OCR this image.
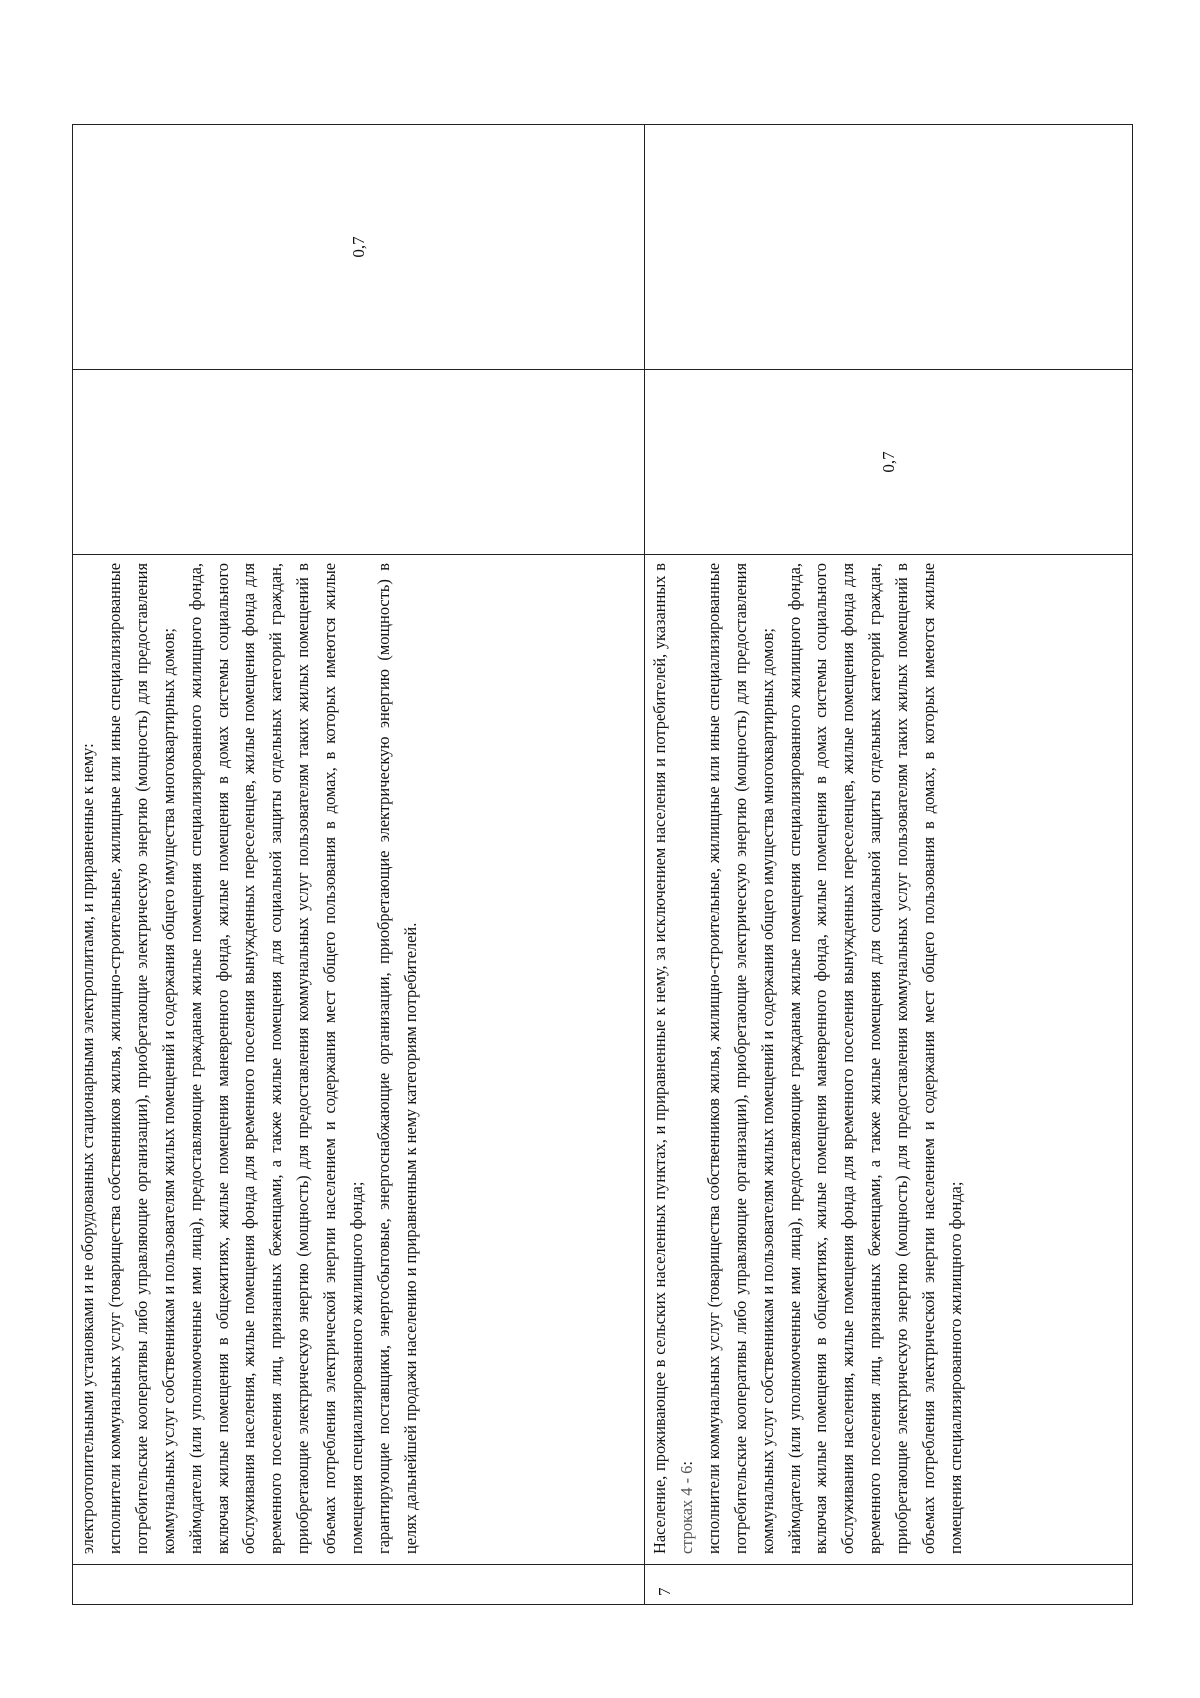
	электроотопительными установками и не оборудованных стационарными электроплитами, и приравненные к нему: исполнители коммунальных услуг (товарищества собственников жилья, жилищно-строительные, жилищные или иные специализированные потребительские кооперативы либо управляющие организации), приобретающие электрическую энергию (мощность) для предоставления коммунальных услуг собственникам и пользователям жилых помещений и содержания общего имущества многоквартирных домов; наймодатели (или уполномоченные ими лица), предоставляющие гражданам жилые помещения специализированного жилищного фонда, включая жилые помещения в общежитиях, жилые помещения маневренного фонда, жилые помещения в домах системы социального обслуживания населения, жилые помещения фонда для временного поселения вынужденных переселенцев, жилые помещения фонда для временного поселения лиц, признанных беженцами, а также жилые помещения для социальной защиты отдельных категорий граждан, приобретающие электрическую энергию (мощность) для предоставления коммунальных услуг пользователям таких жилых помещений в объемах потребления электрической энергии населением и содержания мест общего пользования в домах, в которых имеются жилые помещения специализированного жилищного фонда; гарантирующие поставщики, энергосбытовые, энергоснабжающие организации, приобретающие электрическую энергию (мощность) в целях дальнейшей продажи населению и приравненным к нему категориям потребителей.		0,7
7	Население, проживающее в сельских населенных пунктах, и приравненные к нему, за исключением населения и потребителей, указанных в строках 4 - 6: исполнители коммунальных услуг (товарищества собственников жилья, жилищно-строительные, жилищные или иные специализированные потребительские кооперативы либо управляющие организации), приобретающие электрическую энергию (мощность) для предоставления коммунальных услуг собственникам и пользователям жилых помещений и содержания общего имущества многоквартирных домов; наймодатели (или уполномоченные ими лица), предоставляющие гражданам жилые помещения специализированного жилищного фонда, включая жилые помещения в общежитиях, жилые помещения маневренного фонда, жилые помещения в домах системы социального обслуживания населения, жилые помещения фонда для временного поселения вынужденных переселенцев, жилые помещения фонда для временного поселения лиц, признанных беженцами, а также жилые помещения для социальной защиты отдельных категорий граждан, приобретающие электрическую энергию (мощность) для предоставления коммунальных услуг пользователям таких жилых помещений в объемах потребления электрической энергии населением и содержания мест общего пользования в домах, в которых имеются жилые помещения специализированного жилищного фонда;	0,7	
